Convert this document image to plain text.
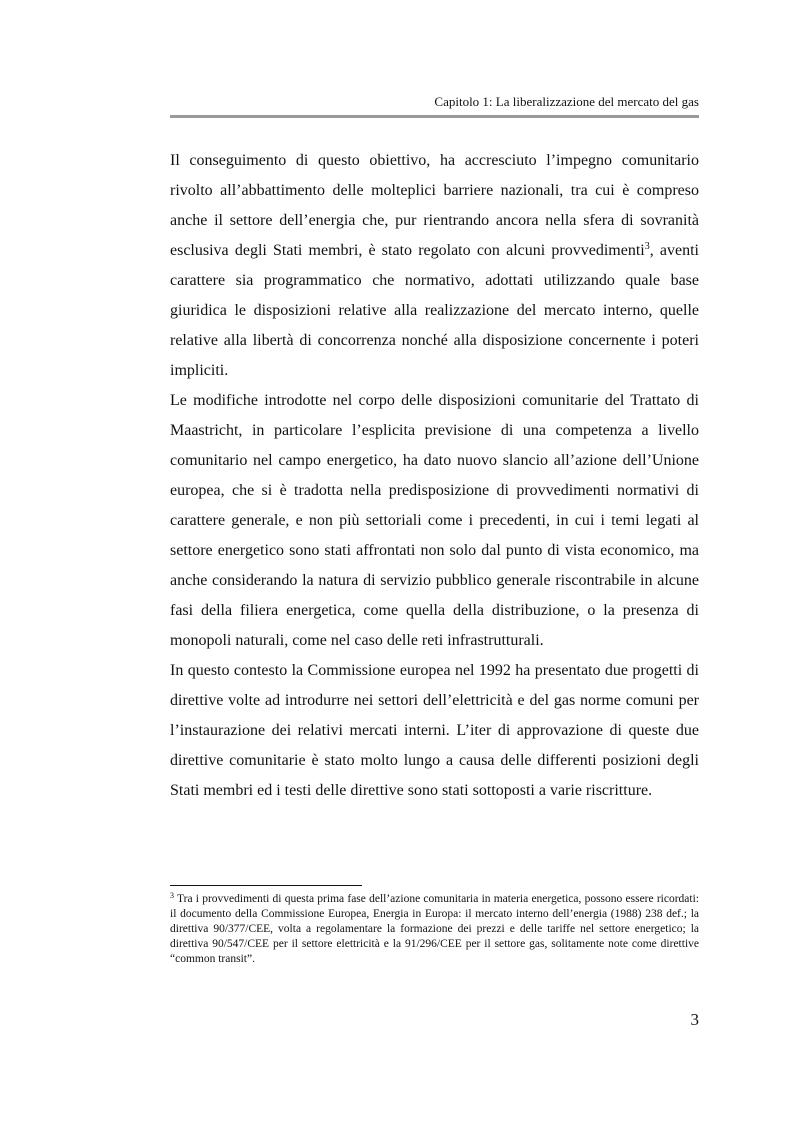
Capitolo 1: La liberalizzazione del mercato del gas

Il conseguimento di questo obiettivo, ha accresciuto l’impegno comunitario rivolto all’abbattimento delle molteplici barriere nazionali, tra cui è compreso anche il settore dell’energia che, pur rientrando ancora nella sfera di sovranità esclusiva degli Stati membri, è stato regolato con alcuni provvedimenti$^3$, aventi carattere sia programmatico che normativo, adottati utilizzando quale base giuridica le disposizioni relative alla realizzazione del mercato interno, quelle relative alla libertà di concorrenza nonché alla disposizione concernente i poteri impliciti.

Le modifiche introdotte nel corpo delle disposizioni comunitarie del Trattato di Maastricht, in particolare l’esplicita previsione di una competenza a livello comunitario nel campo energetico, ha dato nuovo slancio all’azione dell’Unione europea, che si è tradotta nella predisposizione di provvedimenti normativi di carattere generale, e non più settoriali come i precedenti, in cui i temi legati al settore energetico sono stati affrontati non solo dal punto di vista economico, ma anche considerando la natura di servizio pubblico generale riscontrabile in alcune fasi della filiera energetica, come quella della distribuzione, o la presenza di monopoli naturali, come nel caso delle reti infrastrutturali.

In questo contesto la Commissione europea nel 1992 ha presentato due progetti di direttive volte ad introdurre nei settori dell’elettricità e del gas norme comuni per l’instaurazione dei relativi mercati interni. L’iter di approvazione di queste due direttive comunitarie è stato molto lungo a causa delle differenti posizioni degli Stati membri ed i testi delle direttive sono stati sottoposti a varie riscritture.

$^3$ Tra i provvedimenti di questa prima fase dell’azione comunitaria in materia energetica, possono essere ricordati: il documento della Commissione Europea, Energia in Europa: il mercato interno dell’energia (1988) 238 def.; la direttiva 90/377/CEE, volta a regolamentare la formazione dei prezzi e delle tariffe nel settore energetico; la direttiva 90/547/CEE per il settore elettricità e la 91/296/CEE per il settore gas, solitamente note come direttive “common transit”.
3
